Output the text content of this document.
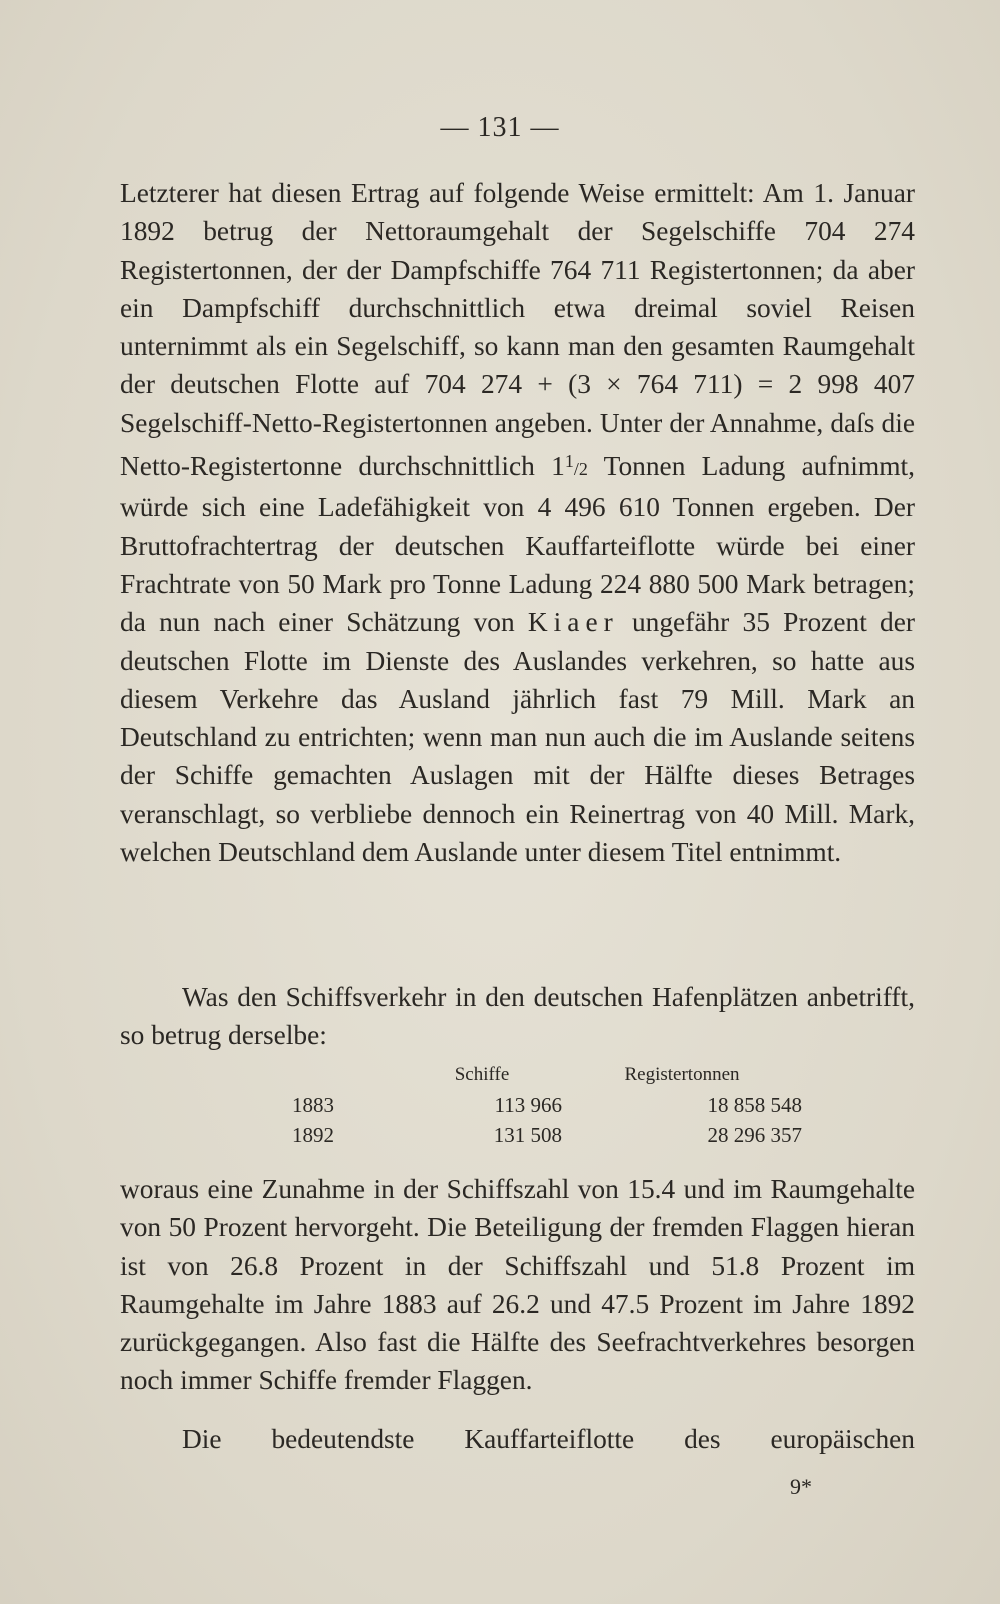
— 131 —

Letzterer hat diesen Ertrag auf folgende Weise ermittelt: Am 1. Januar 1892 betrug der Nettoraumgehalt der Segelschiffe 704 274 Registertonnen, der der Dampfschiffe 764 711 Registertonnen; da aber ein Dampfschiff durchschnittlich etwa dreimal soviel Reisen unternimmt als ein Segelschiff, so kann man den gesamten Raumgehalt der deutschen Flotte auf 704 274 + (3 × 764 711) = 2 998 407 Segelschiff-Netto-Registertonnen angeben. Unter der Annahme, daſs die Netto-Registertonne durchschnittlich $1^1/2$ Tonnen Ladung aufnimmt, würde sich eine Ladefähigkeit von 4 496 610 Tonnen ergeben. Der Bruttofrachtertrag der deutschen Kauffarteiflotte würde bei einer Frachtrate von 50 Mark pro Tonne Ladung 224 880 500 Mark betragen; da nun nach einer Schätzung von Kiaer ungefähr 35 Prozent der deutschen Flotte im Dienste des Auslandes verkehren, so hatte aus diesem Verkehre das Ausland jährlich fast 79 Mill. Mark an Deutschland zu entrichten; wenn man nun auch die im Auslande seitens der Schiffe gemachten Auslagen mit der Hälfte dieses Betrages veranschlagt, so verbliebe dennoch ein Reinertrag von 40 Mill. Mark, welchen Deutschland dem Auslande unter diesem Titel entnimmt.

Was den Schiffsverkehr in den deutschen Hafenplätzen anbetrifft, so betrug derselbe:

	Schiffe	Registertonnen
1883	113 966	18 858 548
1892	131 508	28 296 357

woraus eine Zunahme in der Schiffszahl von 15.4 und im Raumgehalte von 50 Prozent hervorgeht. Die Beteiligung der fremden Flaggen hieran ist von 26.8 Prozent in der Schiffszahl und 51.8 Prozent im Raumgehalte im Jahre 1883 auf 26.2 und 47.5 Prozent im Jahre 1892 zurückgegangen. Also fast die Hälfte des Seefrachtverkehres besorgen noch immer Schiffe fremder Flaggen.

Die bedeutendste Kauffarteiflotte des europäischen

9*
